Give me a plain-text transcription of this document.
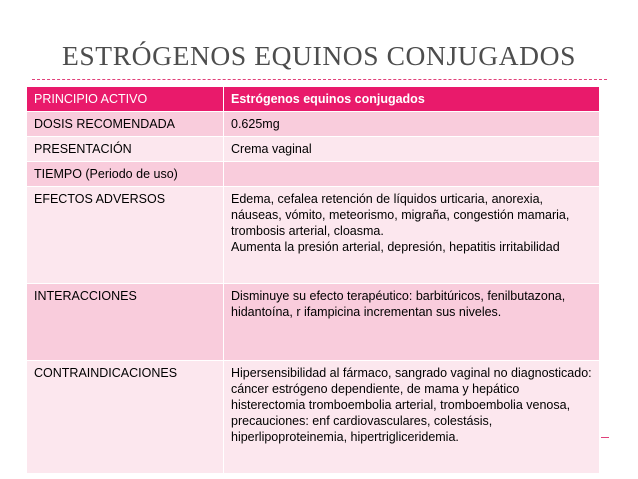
ESTRÓGENOS EQUINOS CONJUGADOS
PRINCIPIO ACTIVO	Estrógenos equinos conjugados
DOSIS RECOMENDADA	0.625mg
PRESENTACIÓN	Crema vaginal
TIEMPO (Periodo de uso)	
EFECTOS ADVERSOS	Edema, cefalea retención de líquidos urticaria, anorexia, náuseas, vómito, meteorismo, migraña, congestión mamaria, trombosis arterial, cloasma.
Aumenta la presión arterial, depresión, hepatitis irritabilidad

INTERACCIONES	Disminuye su efecto terapéutico: barbitúricos, fenilbutazona, hidantoína, r ifampicina incrementan sus niveles.
CONTRAINDICACIONES	Hipersensibilidad al fármaco, sangrado vaginal no diagnosticado: cáncer estrógeno dependiente, de mama y hepático histerectomia tromboembolia arterial, tromboembolia venosa, precauciones: enf cardiovasculares, colestásis, hiperlipoproteinemia, hipertrigliceridemia.
